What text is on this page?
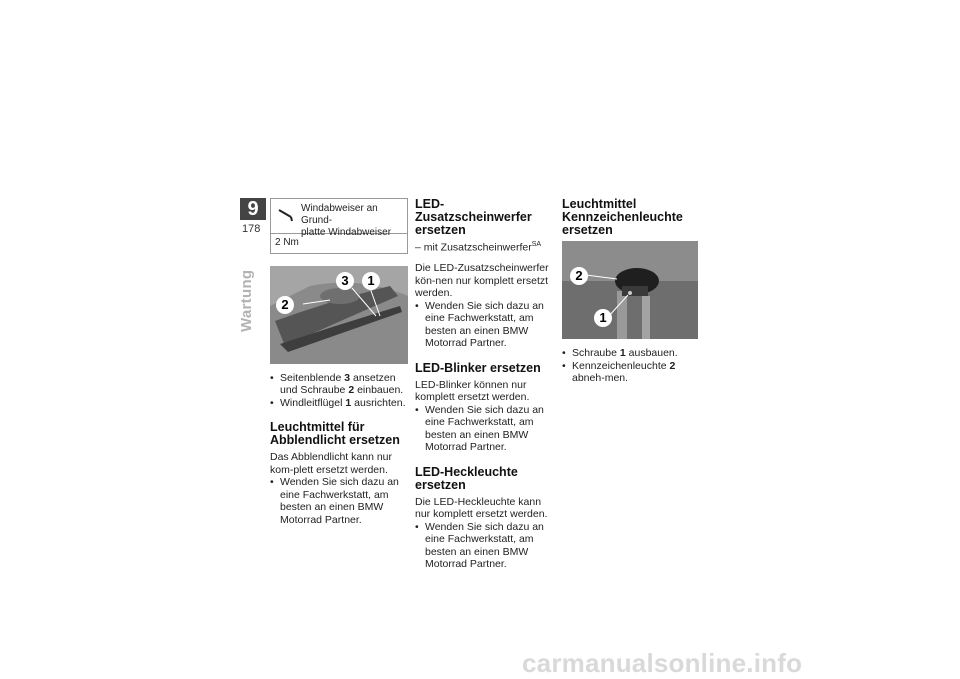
9
178
Wartung
Windabweiser an Grund-
platte Windabweiser
2 Nm
3	1
2
• Seitenblende 3 ansetzen und Schraube 2 einbauen.
• Windleitflügel 1 ausrichten.
Leuchtmittel für Abblendlicht ersetzen

Das Abblendlicht kann nur kom-plett ersetzt werden.

• Wenden Sie sich dazu an eine Fachwerkstatt, am besten an einen BMW Motorrad Partner.
LED-Zusatzscheinwerfer ersetzen

– mit Zusatzscheinwerfer$^{SA}$

Die LED-Zusatzscheinwerfer kön-nen nur komplett ersetzt werden.

• Wenden Sie sich dazu an eine Fachwerkstatt, am besten an einen BMW Motorrad Partner.
LED-Blinker ersetzen

LED-Blinker können nur komplett ersetzt werden.

• Wenden Sie sich dazu an eine Fachwerkstatt, am besten an einen BMW Motorrad Partner.
LED-Heckleuchte ersetzen

Die LED-Heckleuchte kann nur komplett ersetzt werden.

• Wenden Sie sich dazu an eine Fachwerkstatt, am besten an einen BMW Motorrad Partner.
Leuchtmittel Kennzeichenleuchte ersetzen
2
1
• Schraube 1 ausbauen.
• Kennzeichenleuchte 2 abneh-men.
carmanualsonline.info
